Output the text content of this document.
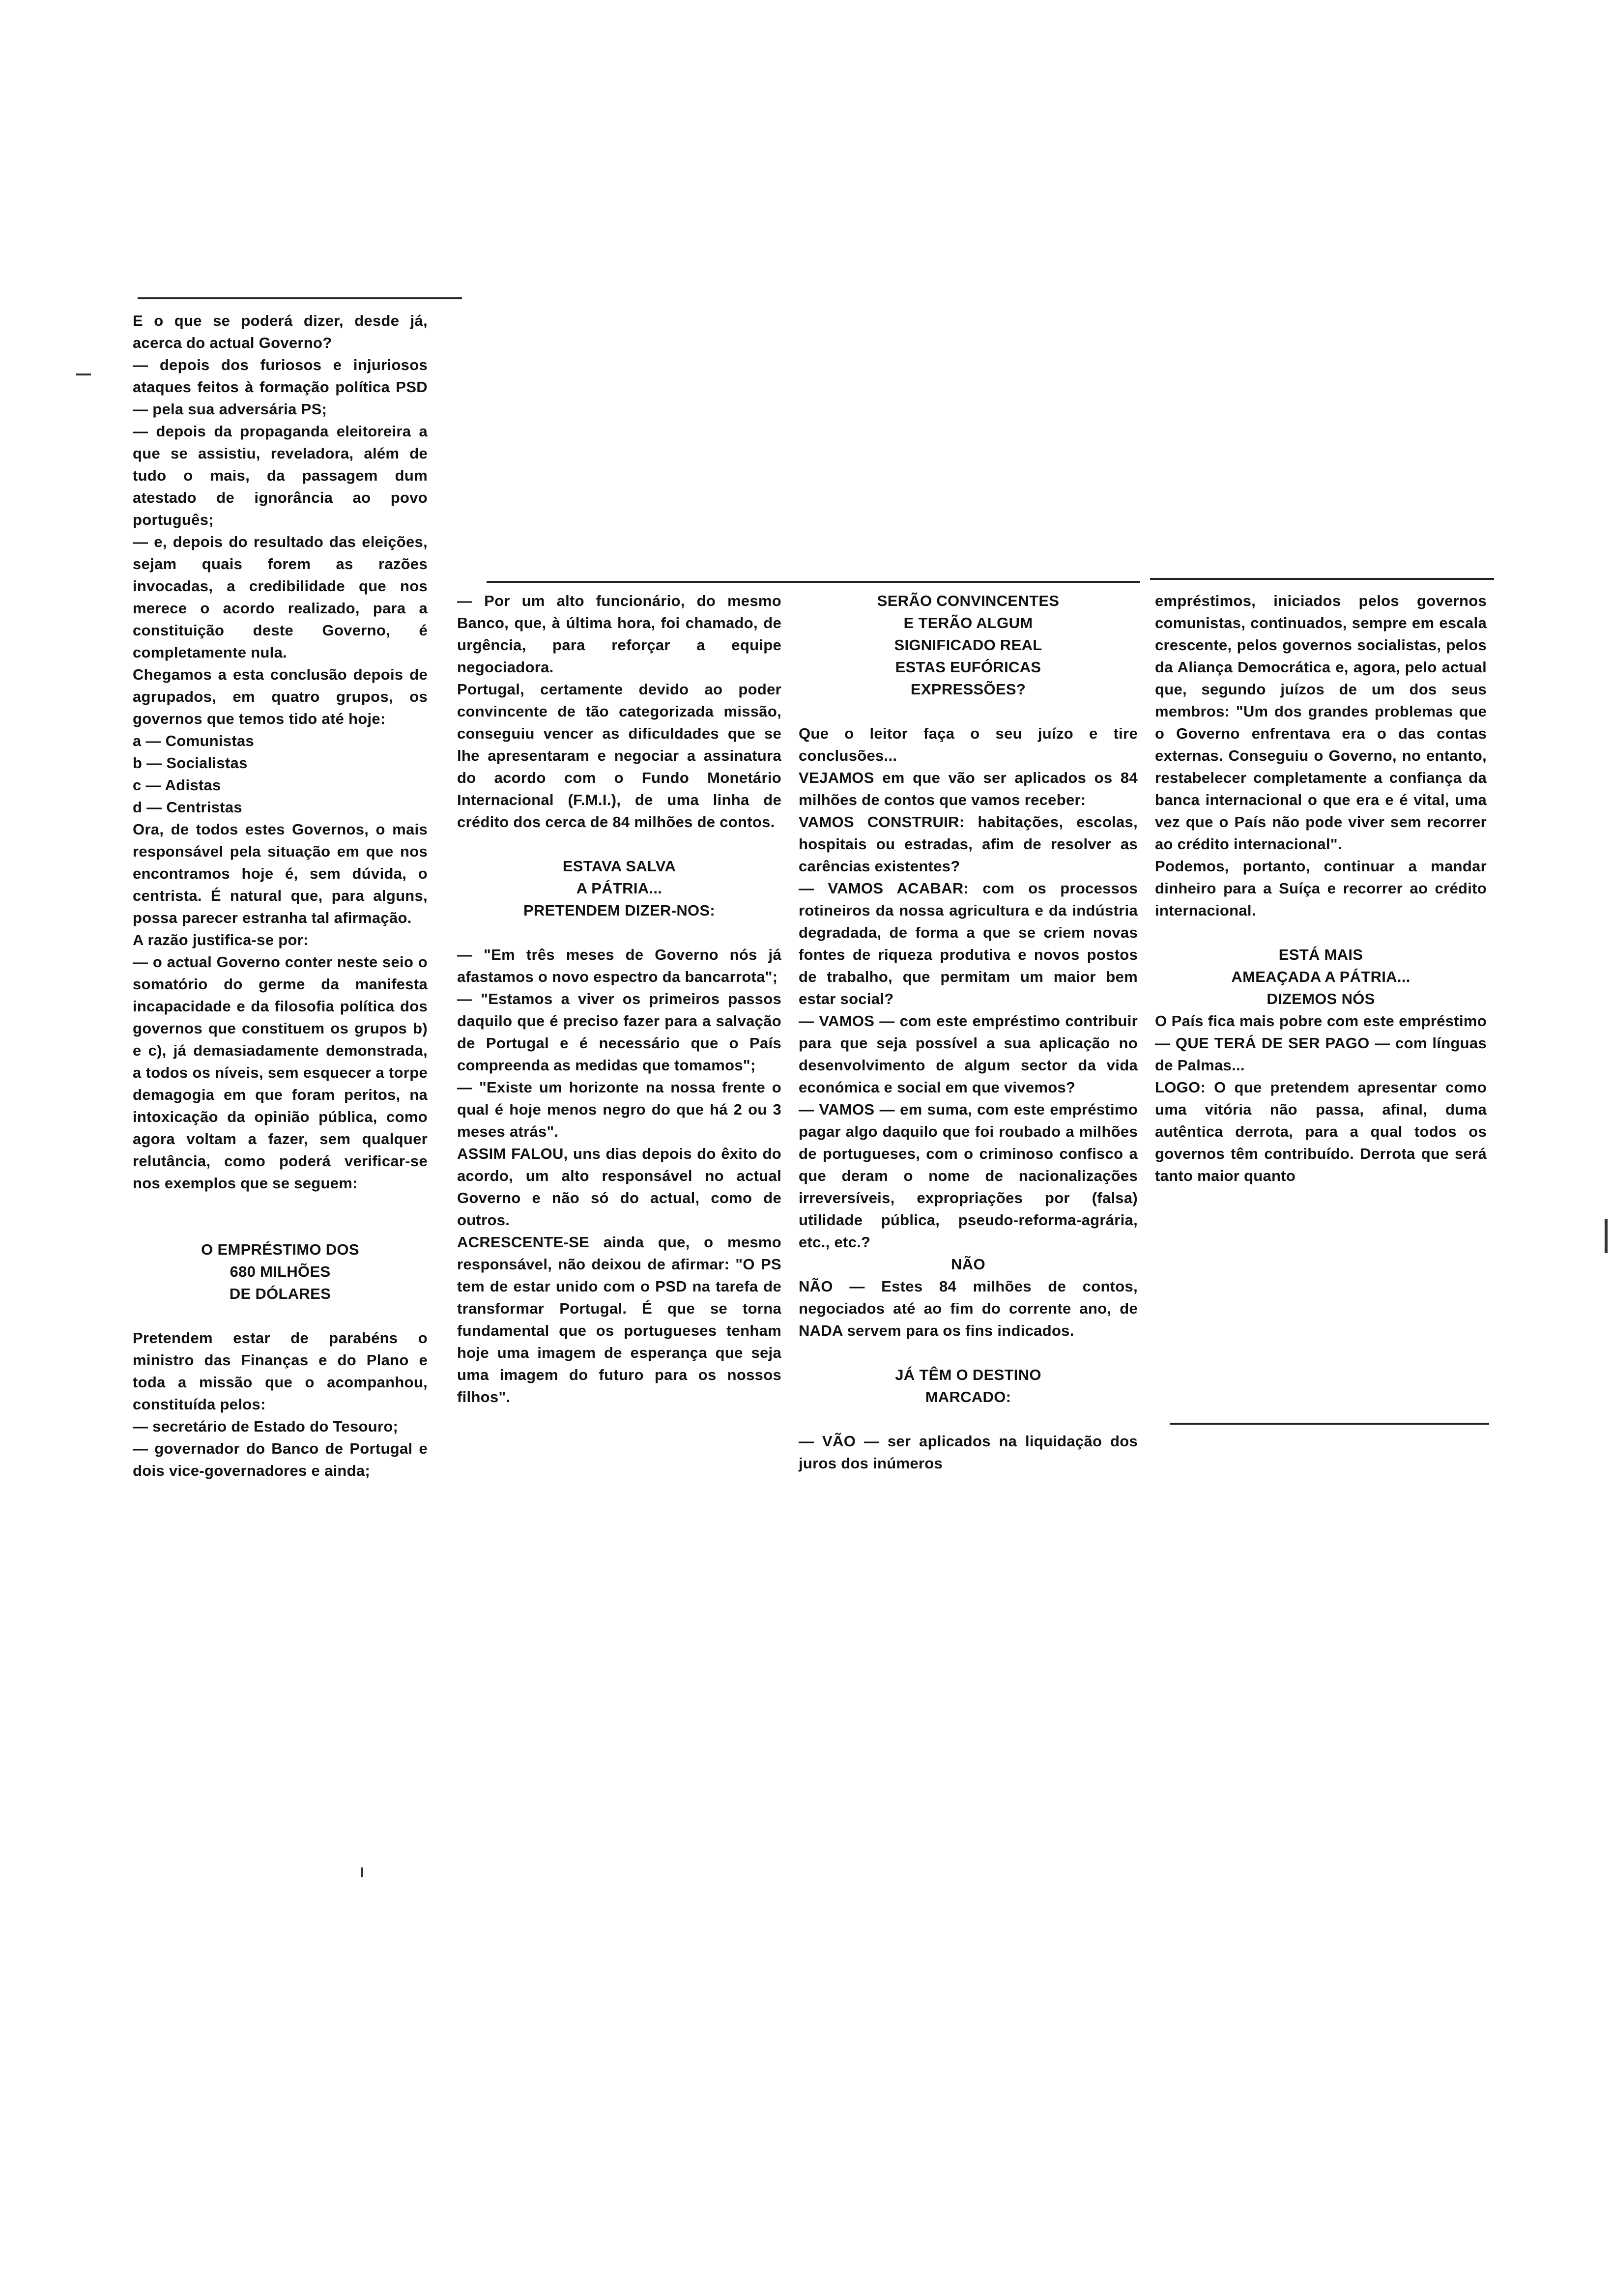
E o que se poderá dizer, desde já, acerca do actual Governo?

— depois dos furiosos e injuriosos ataques feitos à formação política PSD — pela sua adversária PS;

— depois da propaganda eleitoreira a que se assistiu, reveladora, além de tudo o mais, da passagem dum atestado de ignorância ao povo português;

— e, depois do resultado das eleições, sejam quais forem as razões invocadas, a credibilidade que nos merece o acordo realizado, para a constituição deste Governo, é completamente nula.

Chegamos a esta conclusão depois de agrupados, em quatro grupos, os governos que temos tido até hoje:

a — Comunistas

b — Socialistas

c — Adistas

d — Centristas

Ora, de todos estes Governos, o mais responsável pela situação em que nos encontramos hoje é, sem dúvida, o centrista. É natural que, para alguns, possa parecer estranha tal afirmação.

A razão justifica-se por:

— o actual Governo conter neste seio o somatório do germe da manifesta incapacidade e da filosofia política dos governos que constituem os grupos b) e c), já demasiadamente demonstrada, a todos os níveis, sem esquecer a torpe demagogia em que foram peritos, na intoxicação da opinião pública, como agora voltam a fazer, sem qualquer relutância, como poderá verificar-se nos exemplos que se seguem:

O EMPRÉSTIMO DOS

680 MILHÕES

DE DÓLARES

Pretendem estar de parabéns o ministro das Finanças e do Plano e toda a missão que o acompanhou, constituída pelos:

— secretário de Estado do Tesouro;

— governador do Banco de Portugal e dois vice-governadores e ainda;

— Por um alto funcionário, do mesmo Banco, que, à última hora, foi chamado, de urgência, para reforçar a equipe negociadora.

Portugal, certamente devido ao poder convincente de tão categorizada missão, conseguiu vencer as dificuldades que se lhe apresentaram e negociar a assinatura do acordo com o Fundo Monetário Internacional (F.M.I.), de uma linha de crédito dos cerca de 84 milhões de contos.

ESTAVA SALVA

A PÁTRIA...

PRETENDEM DIZER-NOS:

— "Em três meses de Governo nós já afastamos o novo espectro da bancarrota";

— "Estamos a viver os primeiros passos daquilo que é preciso fazer para a salvação de Portugal e é necessário que o País compreenda as medidas que tomamos";

— "Existe um horizonte na nossa frente o qual é hoje menos negro do que há 2 ou 3 meses atrás".

ASSIM FALOU, uns dias depois do êxito do acordo, um alto responsável no actual Governo e não só do actual, como de outros.

ACRESCENTE-SE ainda que, o mesmo responsável, não deixou de afirmar: "O PS tem de estar unido com o PSD na tarefa de transformar Portugal. É que se torna fundamental que os portugueses tenham hoje uma imagem de esperança que seja uma imagem do futuro para os nossos filhos".

SERÃO CONVINCENTES

E TERÃO ALGUM

SIGNIFICADO REAL

ESTAS EUFÓRICAS

EXPRESSÕES?

Que o leitor faça o seu juízo e tire conclusões...

VEJAMOS em que vão ser aplicados os 84 milhões de contos que vamos receber:

VAMOS CONSTRUIR: habitações, escolas, hospitais ou estradas, afim de resolver as carências existentes?

— VAMOS ACABAR: com os processos rotineiros da nossa agricultura e da indústria degradada, de forma a que se criem novas fontes de riqueza produtiva e novos postos de trabalho, que permitam um maior bem estar social?

— VAMOS — com este empréstimo contribuir para que seja possível a sua aplicação no desenvolvimento de algum sector da vida económica e social em que vivemos?

— VAMOS — em suma, com este empréstimo pagar algo daquilo que foi roubado a milhões de portugueses, com o criminoso confisco a que deram o nome de nacionalizações irreversíveis, expropriações por (falsa) utilidade pública, pseudo-reforma-agrária, etc., etc.?

NÃO

NÃO — Estes 84 milhões de contos, negociados até ao fim do corrente ano, de NADA servem para os fins indicados.

JÁ TÊM O DESTINO

MARCADO:

— VÃO — ser aplicados na liquidação dos juros dos inúmeros

empréstimos, iniciados pelos governos comunistas, continuados, sempre em escala crescente, pelos governos socialistas, pelos da Aliança Democrática e, agora, pelo actual que, segundo juízos de um dos seus membros: "Um dos grandes problemas que o Governo enfrentava era o das contas externas. Conseguiu o Governo, no entanto, restabelecer completamente a confiança da banca internacional o que era e é vital, uma vez que o País não pode viver sem recorrer ao crédito internacional".

Podemos, portanto, continuar a mandar dinheiro para a Suíça e recorrer ao crédito internacional.

ESTÁ MAIS

AMEAÇADA A PÁTRIA...

DIZEMOS NÓS

O País fica mais pobre com este empréstimo — QUE TERÁ DE SER PAGO — com línguas de Palmas...

LOGO: O que pretendem apresentar como uma vitória não passa, afinal, duma autêntica derrota, para a qual todos os governos têm contribuído. Derrota que será tanto maior quanto
